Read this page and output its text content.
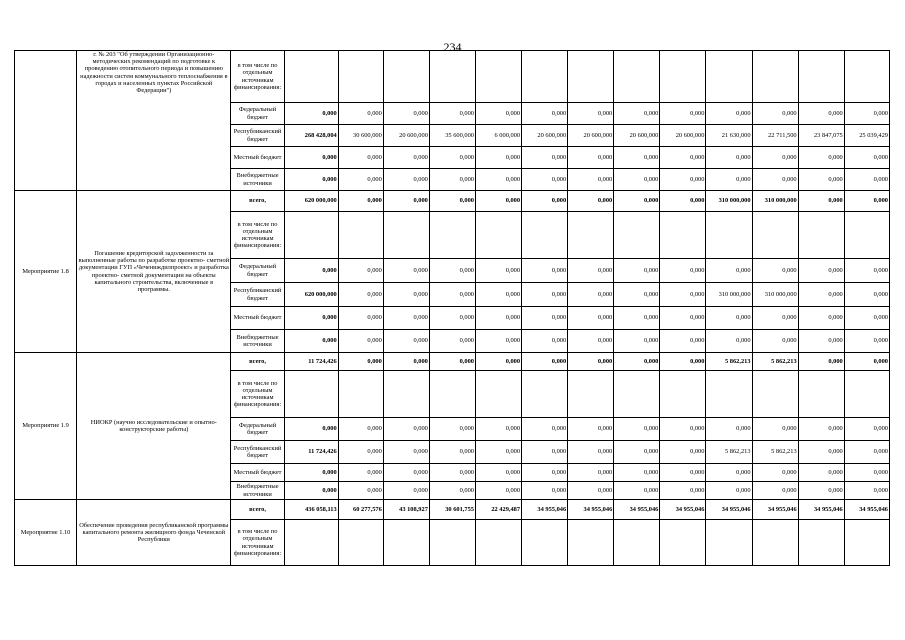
234
	г. № 203 "Об утверждении Организационно-методических рекомендаций по подготовке к проведению отопительного периода и повышению надежности систем коммунального теплоснабжения в городах и населенных пунктах Российской Федерации")	в том числе по отдельным источникам финансирования:													
		Федеральный бюджет	0,000	0,000	0,000	0,000	0,000	0,000	0,000	0,000	0,000	0,000	0,000	0,000	0,000
		Республиканский бюджет	268 428,004	30 600,000	20 600,000	35 600,000	6 000,000	20 600,000	20 600,000	20 600,000	20 600,000	21 630,000	22 711,500	23 847,075	25 039,429
		Местный бюджет	0,000	0,000	0,000	0,000	0,000	0,000	0,000	0,000	0,000	0,000	0,000	0,000	0,000
		Внебюджетные источники	0,000	0,000	0,000	0,000	0,000	0,000	0,000	0,000	0,000	0,000	0,000	0,000	0,000
Мероприятие 1.8	Погашение кредиторской задолженности за выполненные работы по разработке проектно- сметной документации ГУП «Чечениждилпроект» и разработка проектно- сметной документации на объекты капитального строительства, включенные в программы.	всего,	620 000,000	0,000	0,000	0,000	0,000	0,000	0,000	0,000	0,000	310 000,000	310 000,000	0,000	0,000
		в том числе по отдельным источникам финансирования:													
		Федеральный бюджет	0,000	0,000	0,000	0,000	0,000	0,000	0,000	0,000	0,000	0,000	0,000	0,000	0,000
		Республиканский бюджет	620 000,000	0,000	0,000	0,000	0,000	0,000	0,000	0,000	0,000	310 000,000	310 000,000	0,000	0,000
		Местный бюджет	0,000	0,000	0,000	0,000	0,000	0,000	0,000	0,000	0,000	0,000	0,000	0,000	0,000
		Внебюджетные источники	0,000	0,000	0,000	0,000	0,000	0,000	0,000	0,000	0,000	0,000	0,000	0,000	0,000
Мероприятие 1.9	НИОКР (научно исследовательские и опытно- конструкторские работы)	всего,	11 724,426	0,000	0,000	0,000	0,000	0,000	0,000	0,000	0,000	5 862,213	5 862,213	0,000	0,000
		в том числе по отдельным источникам финансирования:													
		Федеральный бюджет	0,000	0,000	0,000	0,000	0,000	0,000	0,000	0,000	0,000	0,000	0,000	0,000	0,000
		Республиканский бюджет	11 724,426	0,000	0,000	0,000	0,000	0,000	0,000	0,000	0,000	5 862,213	5 862,213	0,000	0,000
		Местный бюджет	0,000	0,000	0,000	0,000	0,000	0,000	0,000	0,000	0,000	0,000	0,000	0,000	0,000
		Внебюджетные источники	0,000	0,000	0,000	0,000	0,000	0,000	0,000	0,000	0,000	0,000	0,000	0,000	0,000
Мероприятие 1.10	Обеспечение проведения республиканской программы капитального ремонта жилищного фонда Чеченской Республики	всего,	436 058,113	60 277,576	43 108,927	30 601,755	22 429,487	34 955,046	34 955,046	34 955,046	34 955,046	34 955,046	34 955,046	34 955,046	34 955,046
		в том числе по отдельным источникам финансирования:													
